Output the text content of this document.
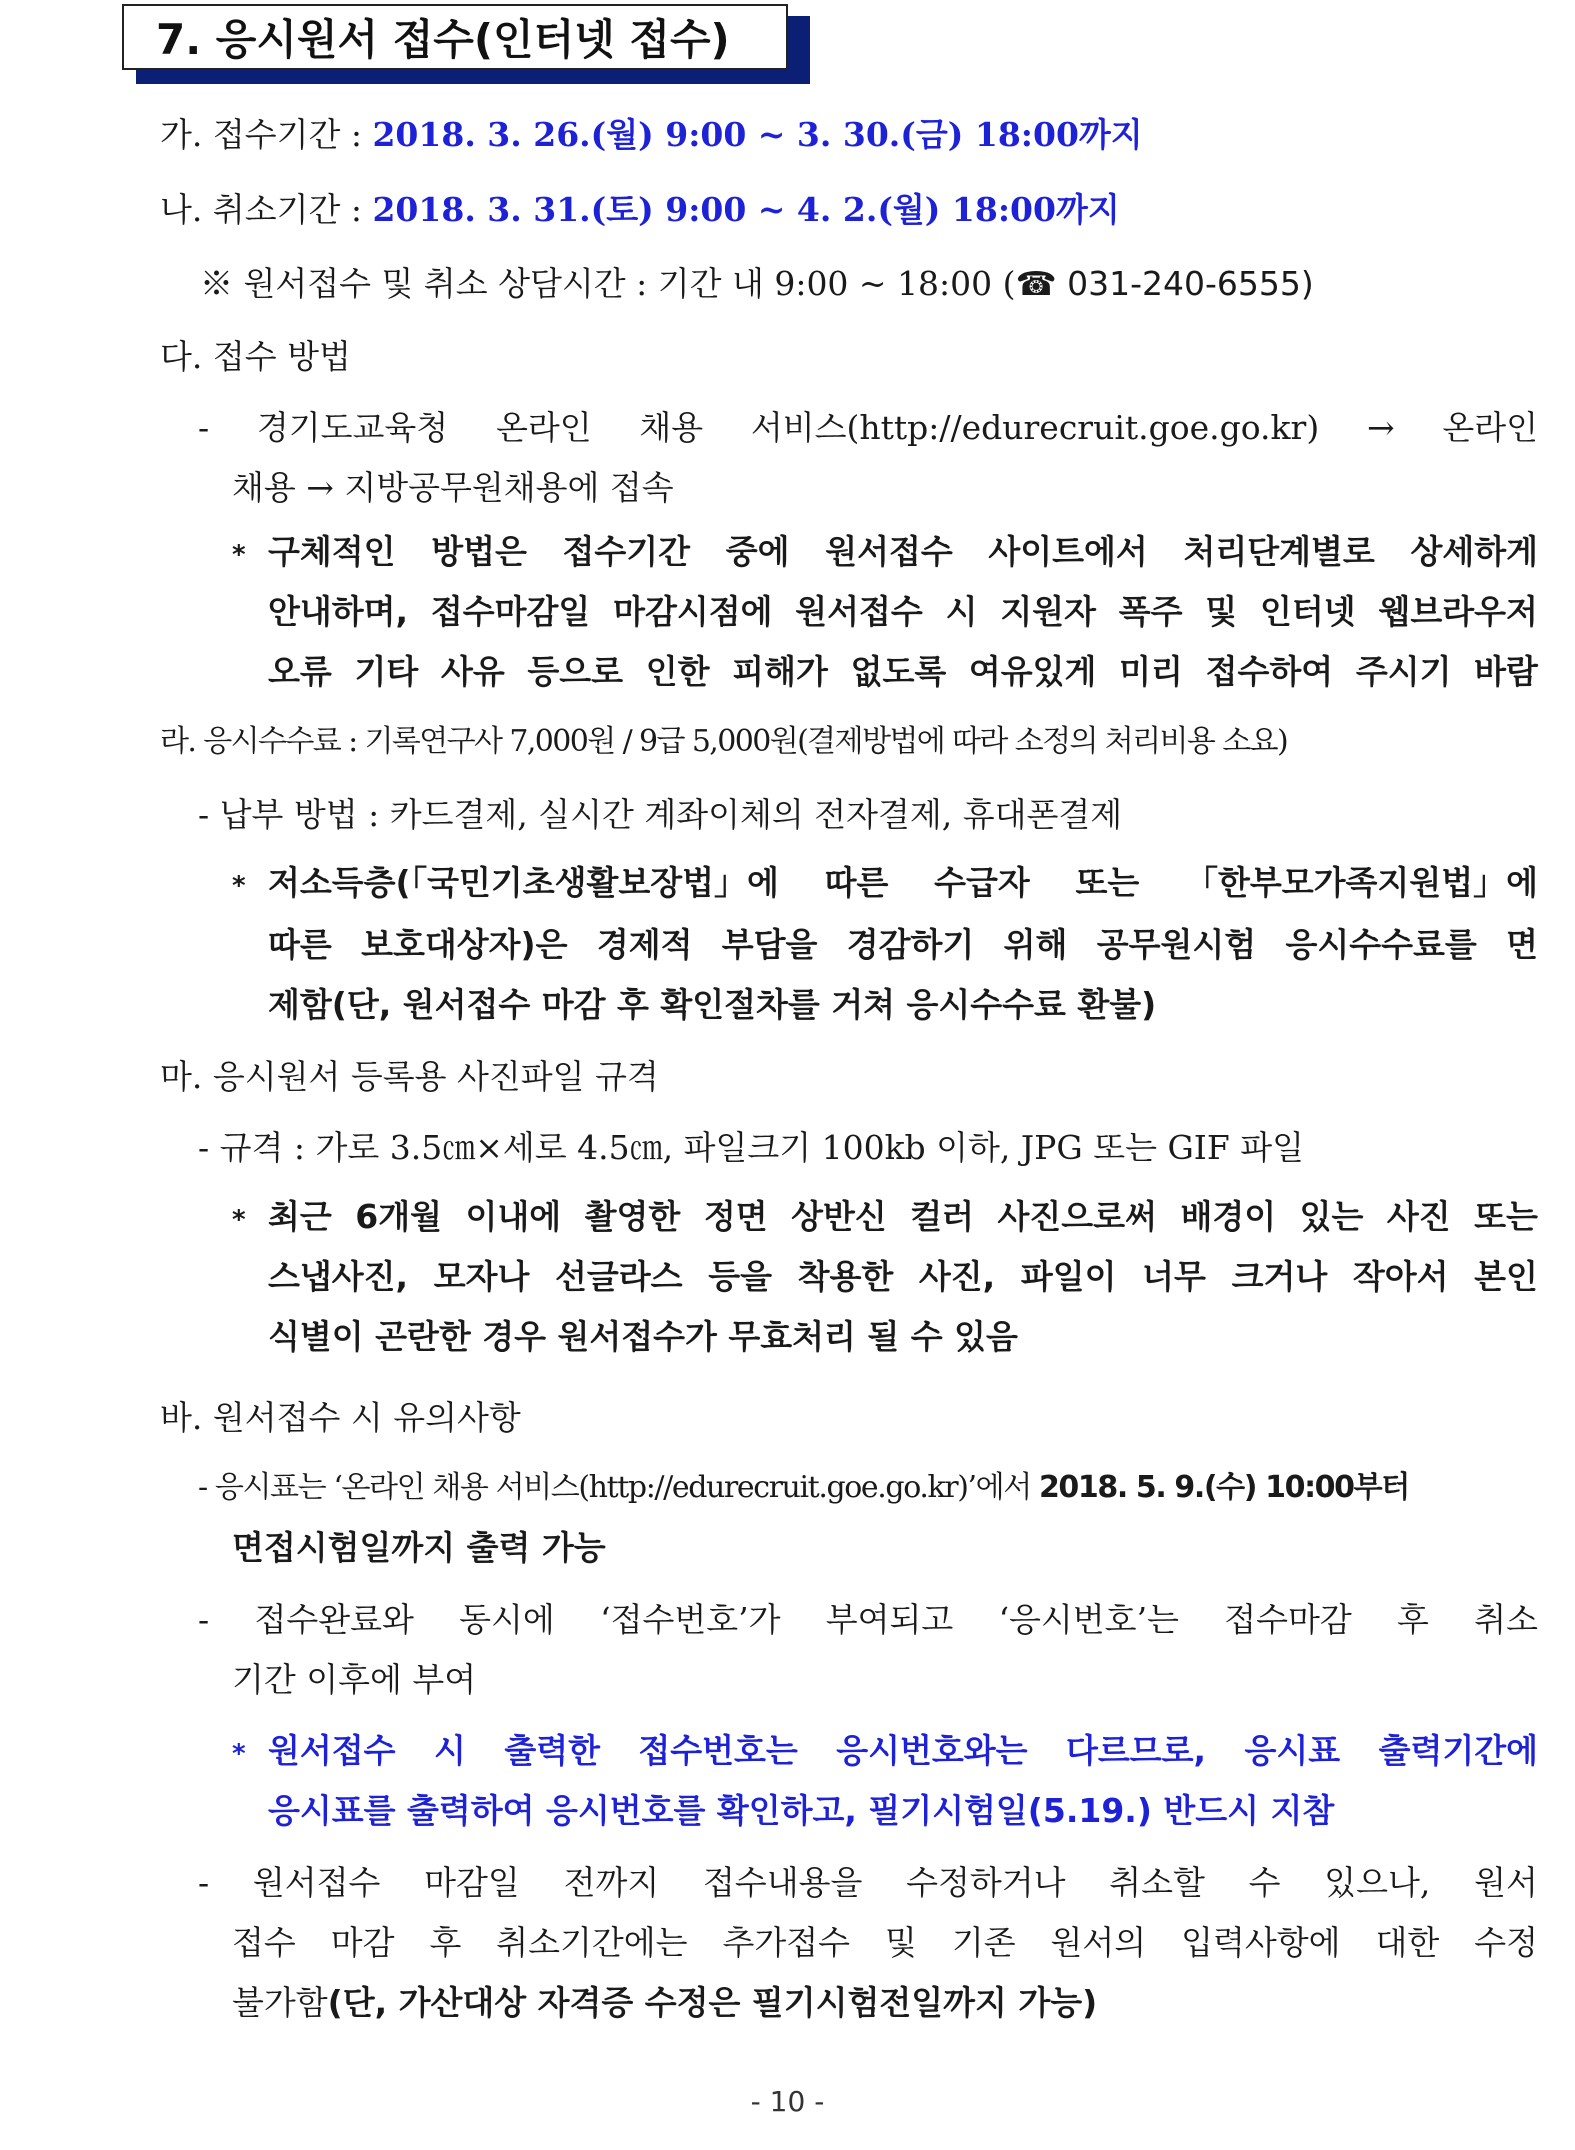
7. 응시원서 접수(인터넷 접수)
가. 접수기간 : 2018. 3. 26.(월) 9:00 ~ 3. 30.(금) 18:00까지
나. 취소기간 : 2018. 3. 31.(토) 9:00 ~ 4. 2.(월) 18:00까지
※ 원서접수 및 취소 상담시간 : 기간 내 9:00 ~ 18:00 (☎ 031-240-6555)
다. 접수 방법
- 경기도교육청 온라인 채용 서비스(http://edurecruit.goe.go.kr) → 온라인
채용 → 지방공무원채용에 접속
* 구체적인 방법은 접수기간 중에 원서접수 사이트에서 처리단계별로 상세하게
안내하며, 접수마감일 마감시점에 원서접수 시 지원자 폭주 및 인터넷 웹브라우저
오류 기타 사유 등으로 인한 피해가 없도록 여유있게 미리 접수하여 주시기 바람
라. 응시수수료 : 기록연구사 7,000원 / 9급 5,000원(결제방법에 따라 소정의 처리비용 소요)
- 납부 방법 : 카드결제, 실시간 계좌이체의 전자결제, 휴대폰결제
* 저소득층(「국민기초생활보장법」에 따른 수급자 또는 「한부모가족지원법」에
따른 보호대상자)은 경제적 부담을 경감하기 위해 공무원시험 응시수수료를 면
제함(단, 원서접수 마감 후 확인절차를 거쳐 응시수수료 환불)
마. 응시원서 등록용 사진파일 규격
- 규격 : 가로 3.5㎝×세로 4.5㎝, 파일크기 100kb 이하, JPG 또는 GIF 파일
* 최근 6개월 이내에 촬영한 정면 상반신 컬러 사진으로써 배경이 있는 사진 또는
스냅사진, 모자나 선글라스 등을 착용한 사진, 파일이 너무 크거나 작아서 본인
식별이 곤란한 경우 원서접수가 무효처리 될 수 있음
바. 원서접수 시 유의사항
- 응시표는 ‘온라인 채용 서비스(http://edurecruit.goe.go.kr)’에서 2018. 5. 9.(수) 10:00부터
면접시험일까지 출력 가능
- 접수완료와 동시에 ‘접수번호’가 부여되고 ‘응시번호’는 접수마감 후 취소
기간 이후에 부여
* 원서접수 시 출력한 접수번호는 응시번호와는 다르므로, 응시표 출력기간에
응시표를 출력하여 응시번호를 확인하고, 필기시험일(5.19.) 반드시 지참
- 원서접수 마감일 전까지 접수내용을 수정하거나 취소할 수 있으나, 원서
접수 마감 후 취소기간에는 추가접수 및 기존 원서의 입력사항에 대한 수정
불가함(단, 가산대상 자격증 수정은 필기시험전일까지 가능)
- 10 -
